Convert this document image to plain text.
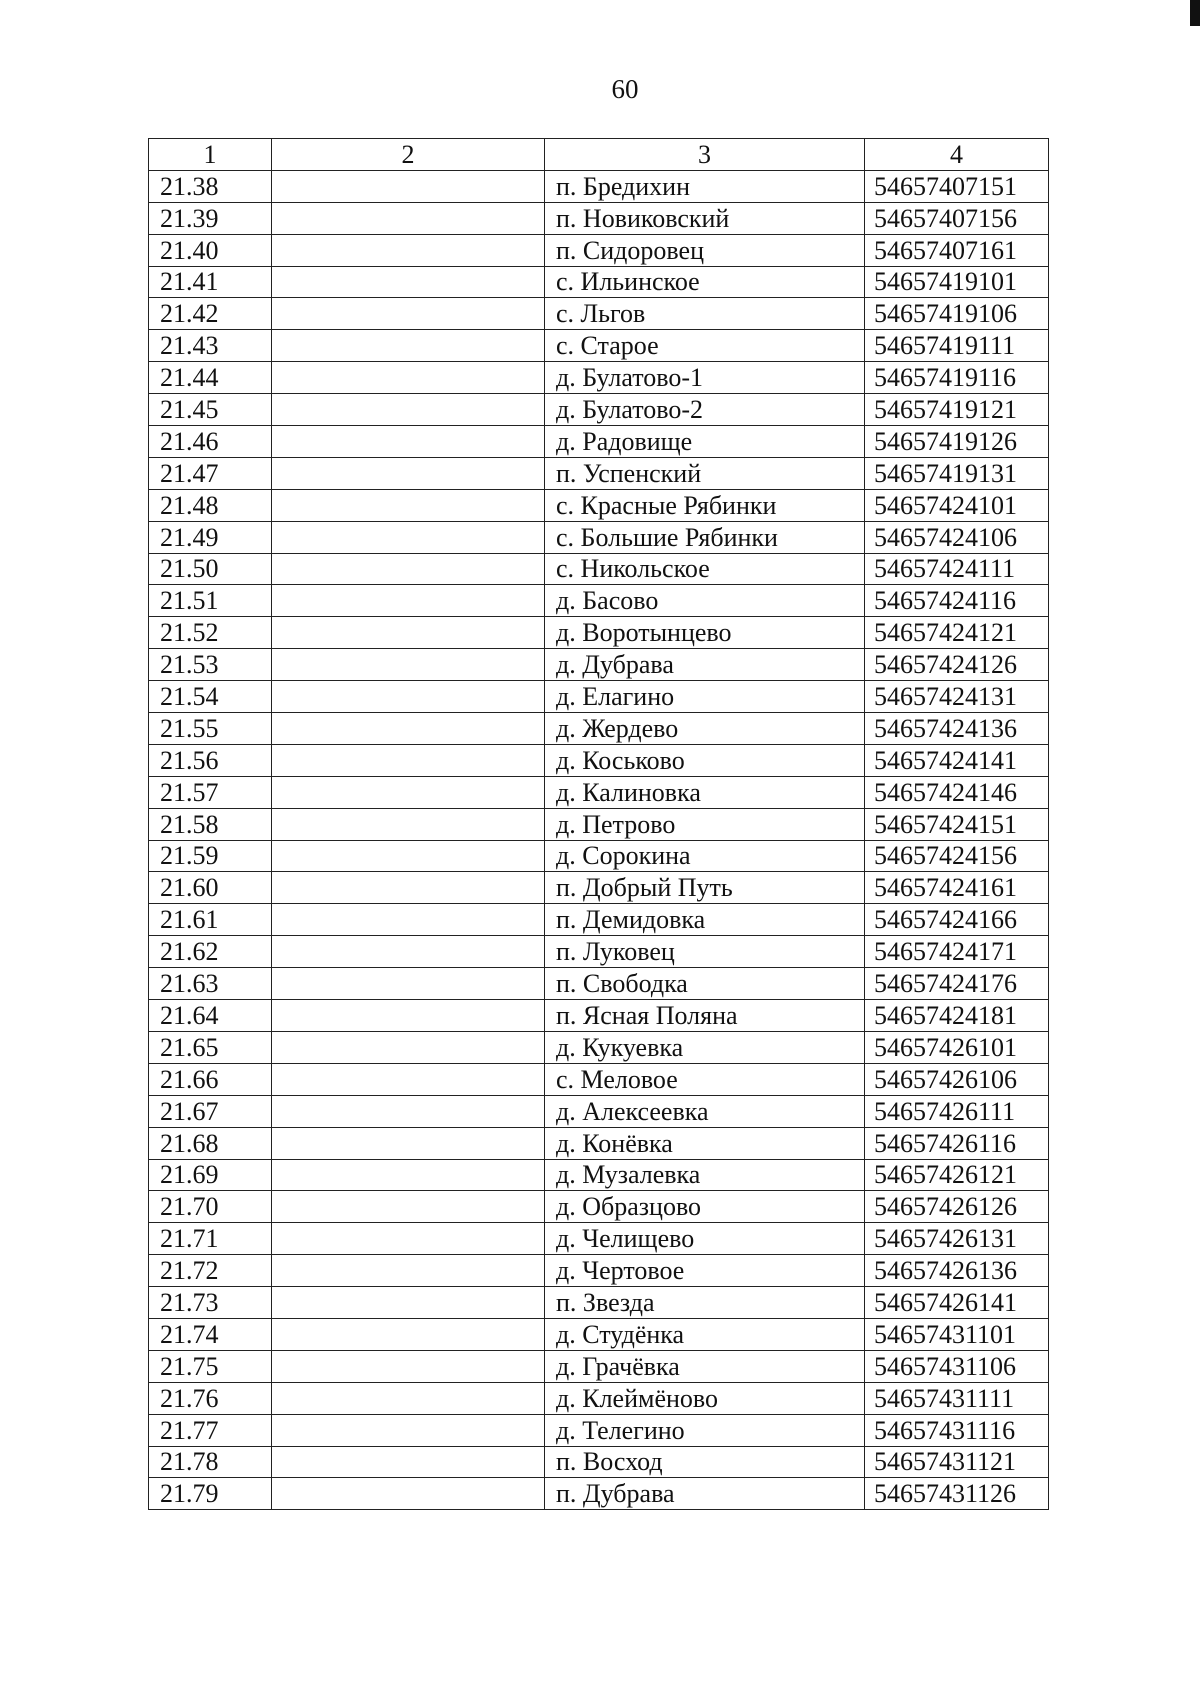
60
1	2	3	4
21.38		п. Бредихин	54657407151
21.39		п. Новиковский	54657407156
21.40		п. Сидоровец	54657407161
21.41		с. Ильинское	54657419101
21.42		с. Льгов	54657419106
21.43		с. Старое	54657419111
21.44		д. Булатово-1	54657419116
21.45		д. Булатово-2	54657419121
21.46		д. Радовище	54657419126
21.47		п. Успенский	54657419131
21.48		с. Красные Рябинки	54657424101
21.49		с. Большие Рябинки	54657424106
21.50		с. Никольское	54657424111
21.51		д. Басово	54657424116
21.52		д. Воротынцево	54657424121
21.53		д. Дубрава	54657424126
21.54		д. Елагино	54657424131
21.55		д. Жердево	54657424136
21.56		д. Коськово	54657424141
21.57		д. Калиновка	54657424146
21.58		д. Петрово	54657424151
21.59		д. Сорокина	54657424156
21.60		п. Добрый Путь	54657424161
21.61		п. Демидовка	54657424166
21.62		п. Луковец	54657424171
21.63		п. Свободка	54657424176
21.64		п. Ясная Поляна	54657424181
21.65		д. Кукуевка	54657426101
21.66		с. Меловое	54657426106
21.67		д. Алексеевка	54657426111
21.68		д. Конёвка	54657426116
21.69		д. Музалевка	54657426121
21.70		д. Образцово	54657426126
21.71		д. Челищево	54657426131
21.72		д. Чертовое	54657426136
21.73		п. Звезда	54657426141
21.74		д. Студёнка	54657431101
21.75		д. Грачёвка	54657431106
21.76		д. Клеймёново	54657431111
21.77		д. Телегино	54657431116
21.78		п. Восход	54657431121
21.79		п. Дубрава	54657431126
